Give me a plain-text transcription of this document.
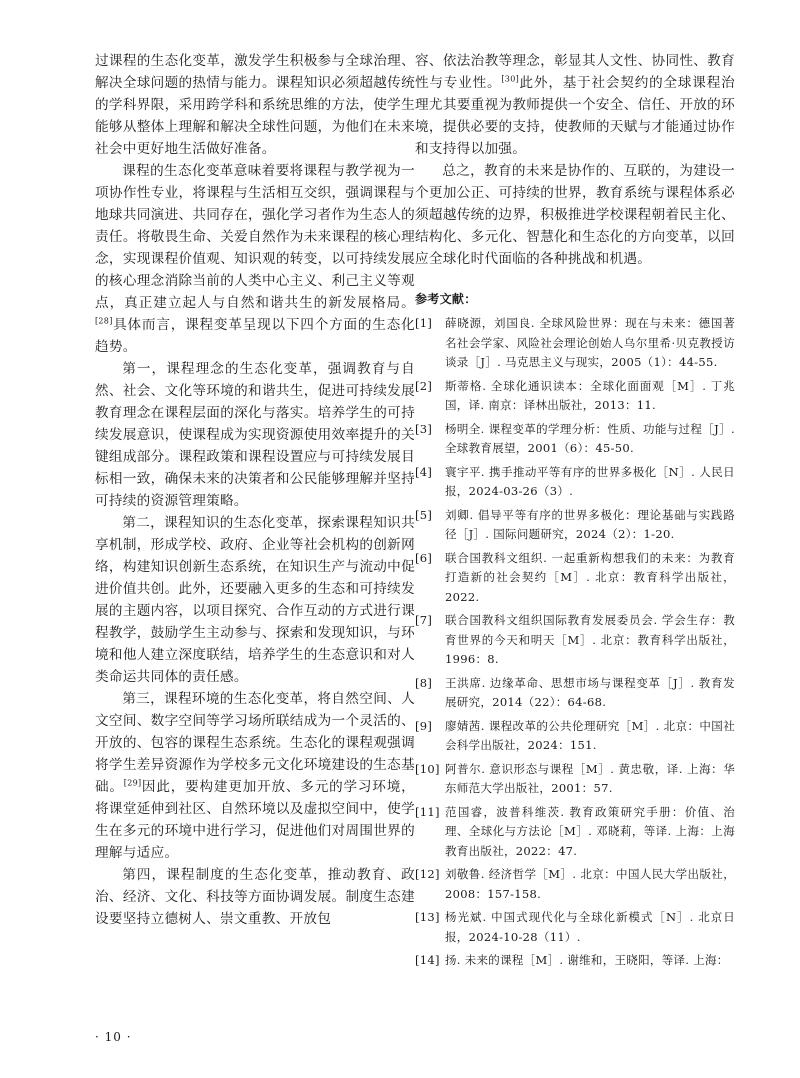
过课程的生态化变革，激发学生积极参与全球治理、解决全球问题的热情与能力。课程知识必须超越传统的学科界限，采用跨学科和系统思维的方法，使学生能够从整体上理解和解决全球性问题，为他们在未来社会中更好地生活做好准备。

课程的生态化变革意味着要将课程与教学视为一项协作性专业，将课程与生活相互交织，强调课程与地球共同演进、共同存在，强化学习者作为生态人的责任。将敬畏生命、关爱自然作为未来课程的核心理念，实现课程价值观、知识观的转变，以可持续发展的核心理念消除当前的人类中心主义、利己主义等观点，真正建立起人与自然和谐共生的新发展格局。[28]具体而言，课程变革呈现以下四个方面的生态化趋势。

第一，课程理念的生态化变革，强调教育与自然、社会、文化等环境的和谐共生，促进可持续发展教育理念在课程层面的深化与落实。培养学生的可持续发展意识，使课程成为实现资源使用效率提升的关键组成部分。课程政策和课程设置应与可持续发展目标相一致，确保未来的决策者和公民能够理解并坚持可持续的资源管理策略。

第二，课程知识的生态化变革，探索课程知识共享机制，形成学校、政府、企业等社会机构的创新网络，构建知识创新生态系统，在知识生产与流动中促进价值共创。此外，还要融入更多的生态和可持续发展的主题内容，以项目探究、合作互动的方式进行课程教学，鼓励学生主动参与、探索和发现知识，与环境和他人建立深度联结，培养学生的生态意识和对人类命运共同体的责任感。

第三，课程环境的生态化变革，将自然空间、人文空间、数字空间等学习场所联结成为一个灵活的、开放的、包容的课程生态系统。生态化的课程观强调将学生差异资源作为学校多元文化环境建设的生态基础。[29]因此，要构建更加开放、多元的学习环境，将课堂延伸到社区、自然环境以及虚拟空间中，使学生在多元的环境中进行学习，促进他们对周围世界的理解与适应。

第四，课程制度的生态化变革，推动教育、政治、经济、文化、科技等方面协调发展。制度生态建设要坚持立德树人、崇文重教、开放包

容、依法治教等理念，彰显其人文性、协同性、教育性与专业性。[30]此外，基于社会契约的全球课程治理尤其要重视为教师提供一个安全、信任、开放的环境，提供必要的支持，使教师的天赋与才能通过协作和支持得以加强。

总之，教育的未来是协作的、互联的，为建设一个更加公正、可持续的世界，教育系统与课程体系必须超越传统的边界，积极推进学校课程朝着民主化、结构化、多元化、智慧化和生态化的方向变革，以回应全球化时代面临的各种挑战和机遇。

参考文献：
[1] 薛晓源，刘国良. 全球风险世界：现在与未来：德国著名社会学家、风险社会理论创始人乌尔里希·贝克教授访谈录［J］. 马克思主义与现实，2005（1）：44-55.
[2] 斯蒂格. 全球化通识读本：全球化面面观［M］. 丁兆国，译. 南京：译林出版社，2013：11.
[3] 杨明全. 课程变革的学理分析：性质、功能与过程［J］. 全球教育展望，2001（6）：45-50.
[4] 寰宇平. 携手推动平等有序的世界多极化［N］. 人民日报，2024-03-26（3）.
[5] 刘卿. 倡导平等有序的世界多极化：理论基础与实践路径［J］. 国际问题研究，2024（2）：1-20.
[6] 联合国教科文组织. 一起重新构想我们的未来：为教育打造新的社会契约［M］. 北京：教育科学出版社，2022.
[7] 联合国教科文组织国际教育发展委员会. 学会生存：教育世界的今天和明天［M］. 北京：教育科学出版社，1996：8.
[8] 王洪席. 边缘革命、思想市场与课程变革［J］. 教育发展研究，2014（22）：64-68.
[9] 廖婧茜. 课程改革的公共伦理研究［M］. 北京：中国社会科学出版社，2024：151.
[10] 阿普尔. 意识形态与课程［M］. 黄忠敬，译. 上海：华东师范大学出版社，2001：57.
[11] 范国睿，波普科维茨. 教育政策研究手册：价值、治理、全球化与方法论［M］. 邓晓莉，等译. 上海：上海教育出版社，2022：47.
[12] 刘敬鲁. 经济哲学［M］. 北京：中国人民大学出版社，2008：157-158.
[13] 杨光斌. 中国式现代化与全球化新模式［N］. 北京日报，2024-10-28（11）.
[14] 扬. 未来的课程［M］. 谢维和，王晓阳，等译. 上海：
· 10 ·
